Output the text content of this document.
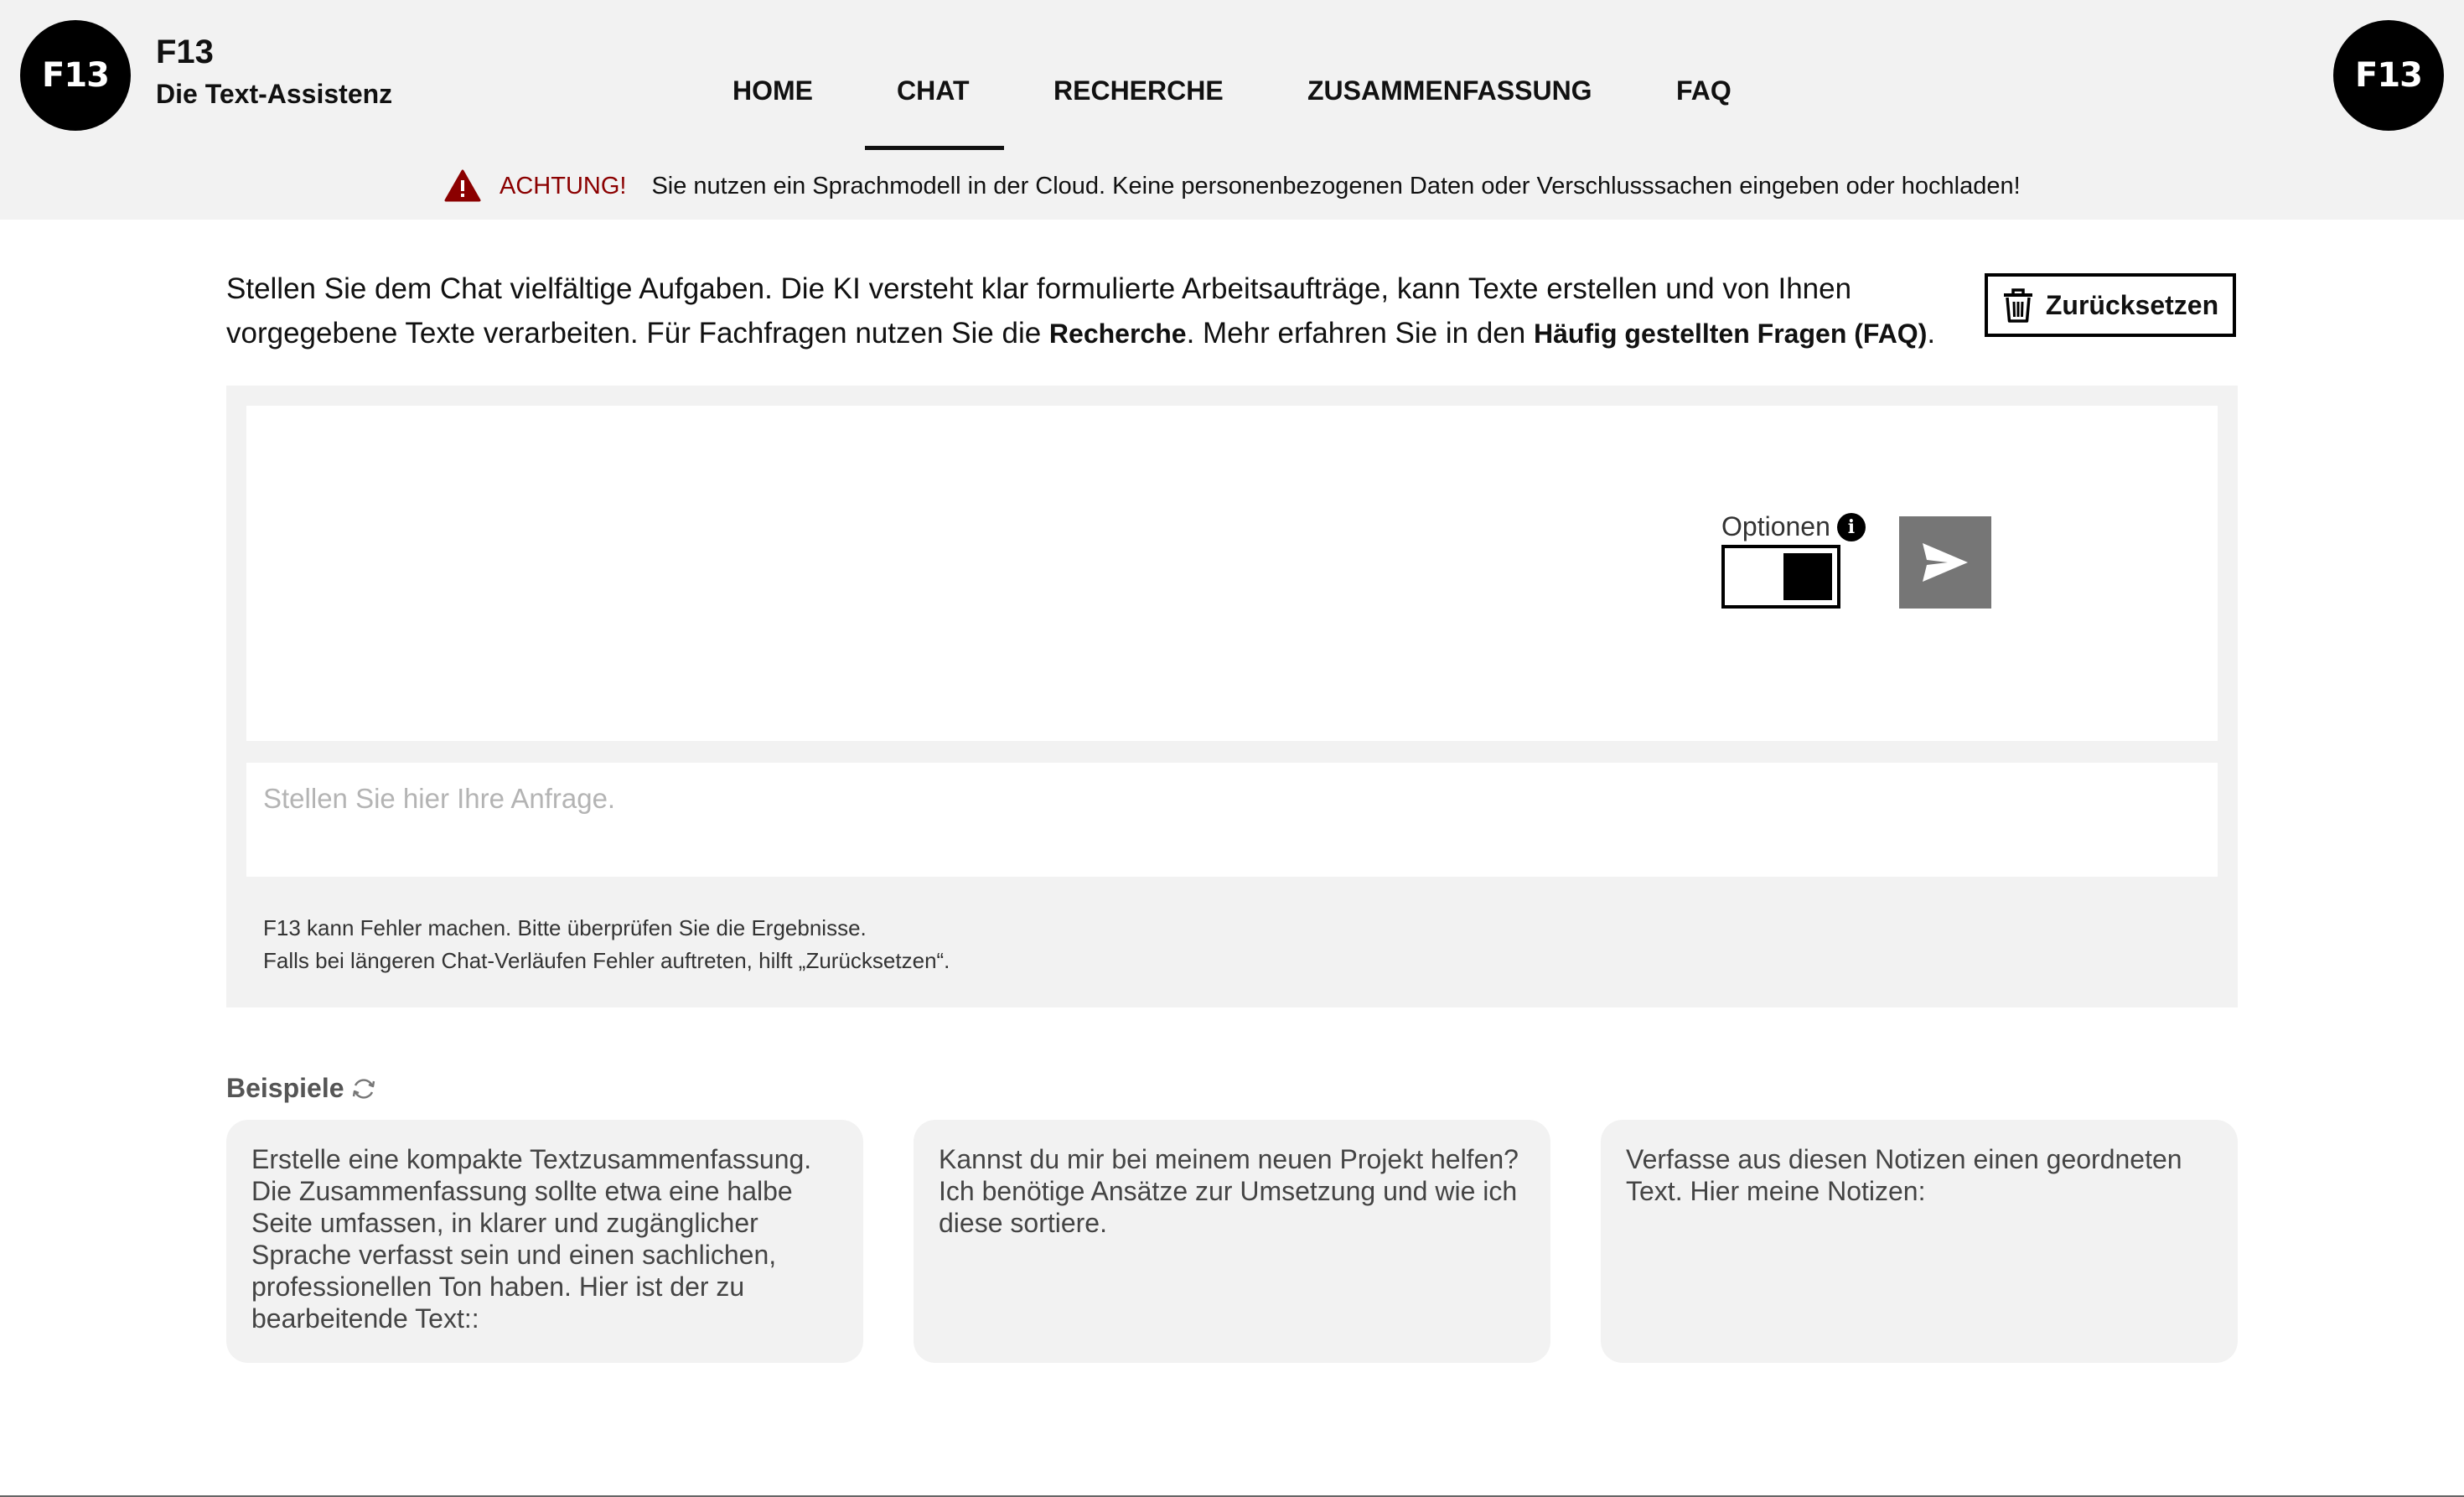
F13
F13
Die Text-Assistenz	HOME	CHAT	RECHERCHE	ZUSAMMENFASSUNG	FAQ	F13
ACHTUNG! Sie nutzen ein Sprachmodell in der Cloud. Keine personenbezogenen Daten oder Verschlusssachen eingeben oder hochladen!
Stellen Sie dem Chat vielfältige Aufgaben. Die KI versteht klar formulierte Arbeitsaufträge, kann Texte erstellen und von Ihnen vorgegebene Texte verarbeiten. Für Fachfragen nutzen Sie die Recherche. Mehr erfahren Sie in den Häufig gestellten Fragen (FAQ).
Zurücksetzen
Stellen Sie hier Ihre Anfrage.
F13 kann Fehler machen. Bitte überprüfen Sie die Ergebnisse.
Falls bei längeren Chat-Verläufen Fehler auftreten, hilft „Zurücksetzen“.
Optionen i
Beispiele
Erstelle eine kompakte Textzusammenfassung. Die Zusammenfassung sollte etwa eine halbe Seite umfassen, in klarer und zugänglicher Sprache verfasst sein und einen sachlichen, professionellen Ton haben. Hier ist der zu bearbeitende Text::
Kannst du mir bei meinem neuen Projekt helfen? Ich benötige Ansätze zur Umsetzung und wie ich diese sortiere.
Verfasse aus diesen Notizen einen geordneten Text. Hier meine Notizen:
